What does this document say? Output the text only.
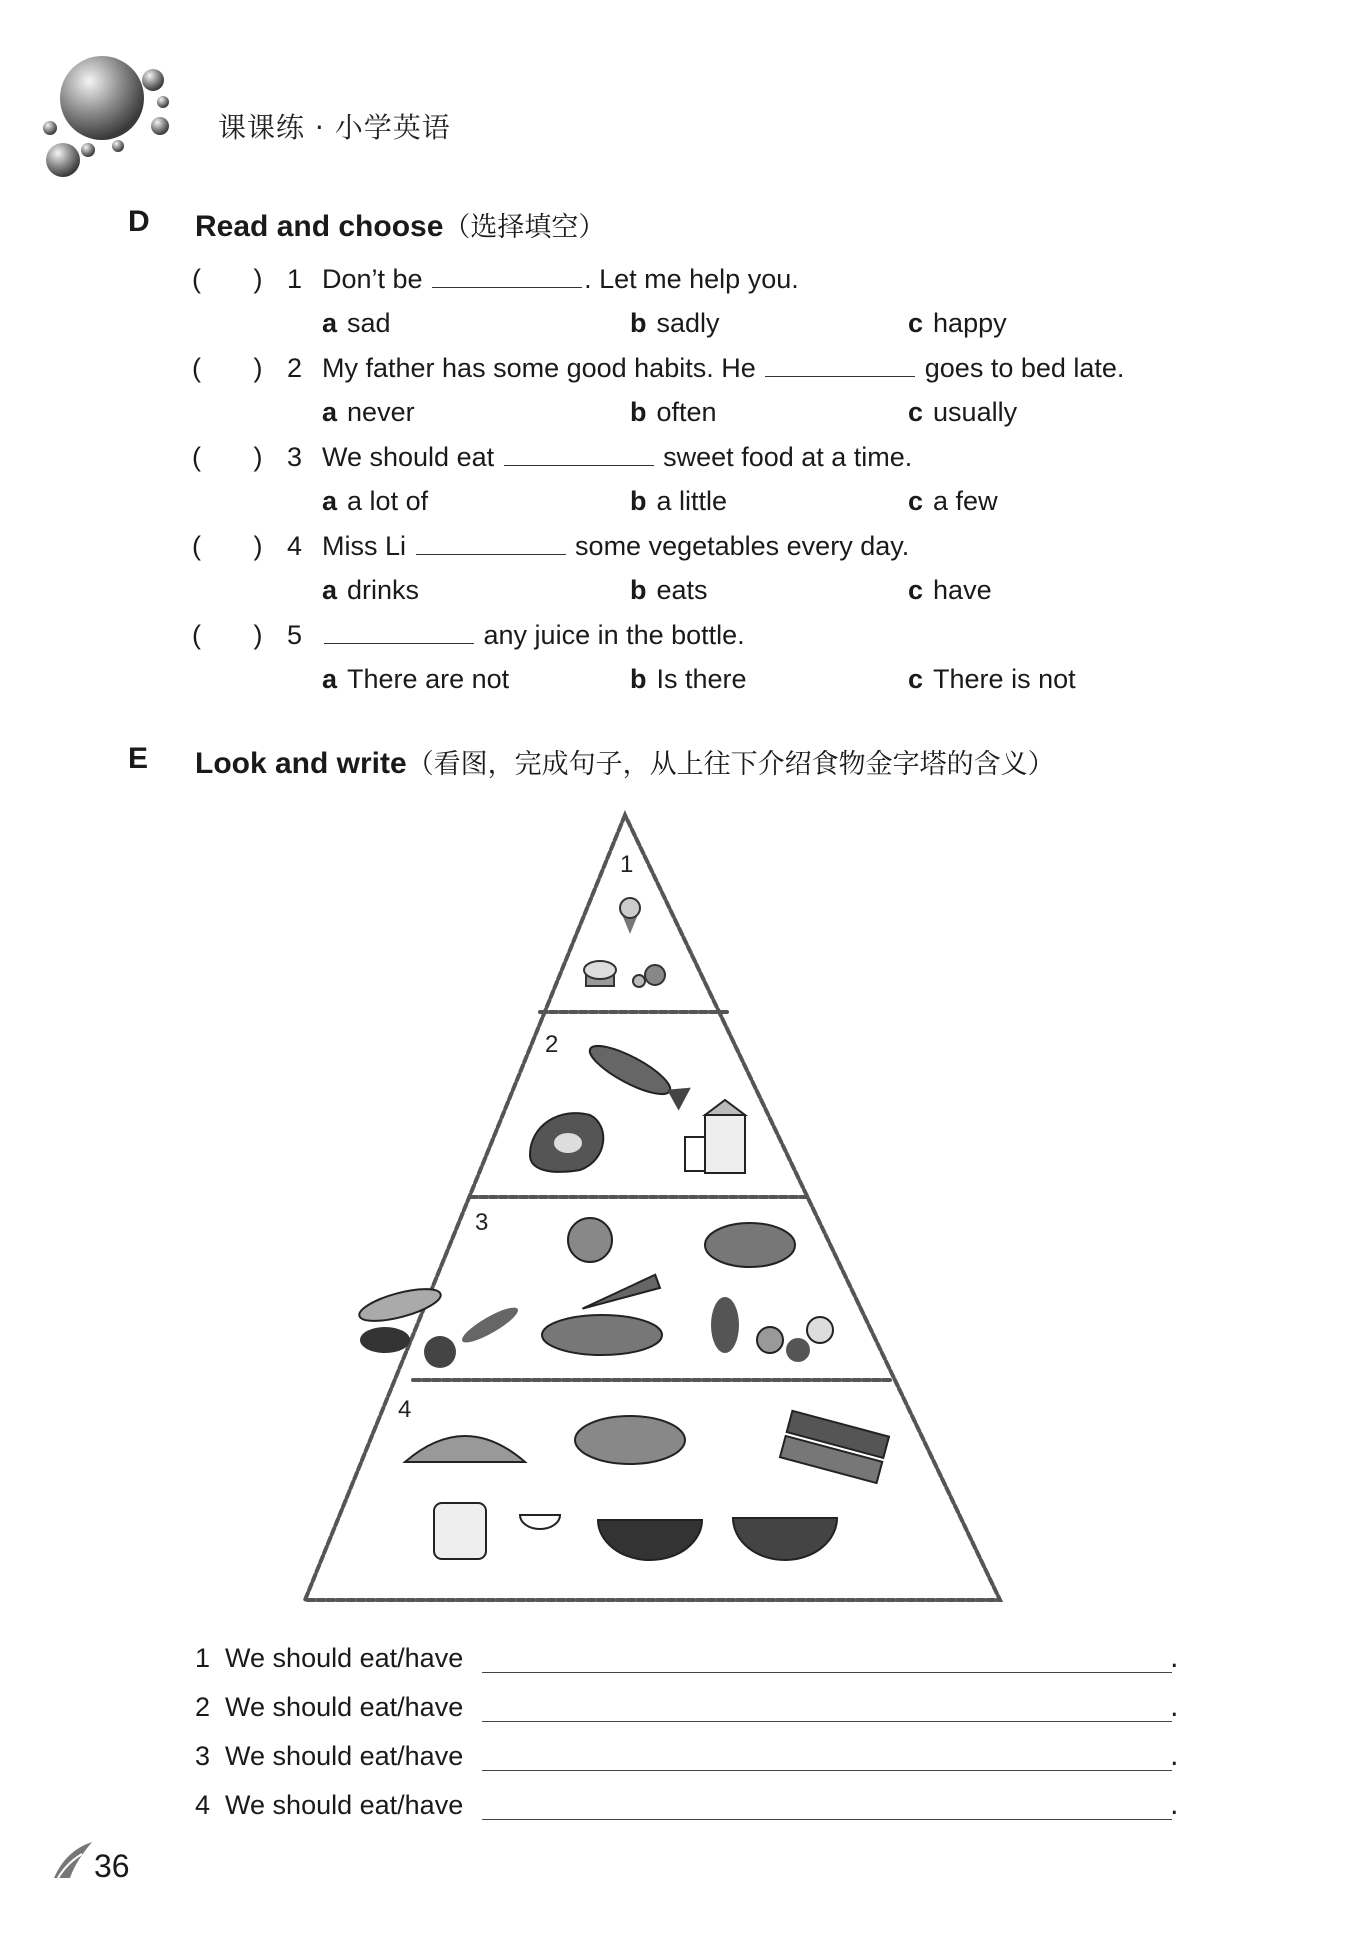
课课练 · 小学英语
D Read and choose（选择填空）
(       ) 1 Don’t be	. Let me help you.
a sad	b sadly	c happy
(       ) 2 My father has some good habits. He	goes to bed late.
a never	b often	c usually
(       ) 3 We should eat	sweet food at a time.
a a lot of	b a little	c a few
(       ) 4 Miss Li	some vegetables every day.
a drinks	b eats	c have
(       ) 5	any juice in the bottle.
a There are not	b Is there	c There is not
E Look and write（看图，完成句子，从上往下介绍食物金字塔的含义）
1
2
3
4
1 We should eat/have	.
2 We should eat/have	.
3 We should eat/have	.
4 We should eat/have	.
36
